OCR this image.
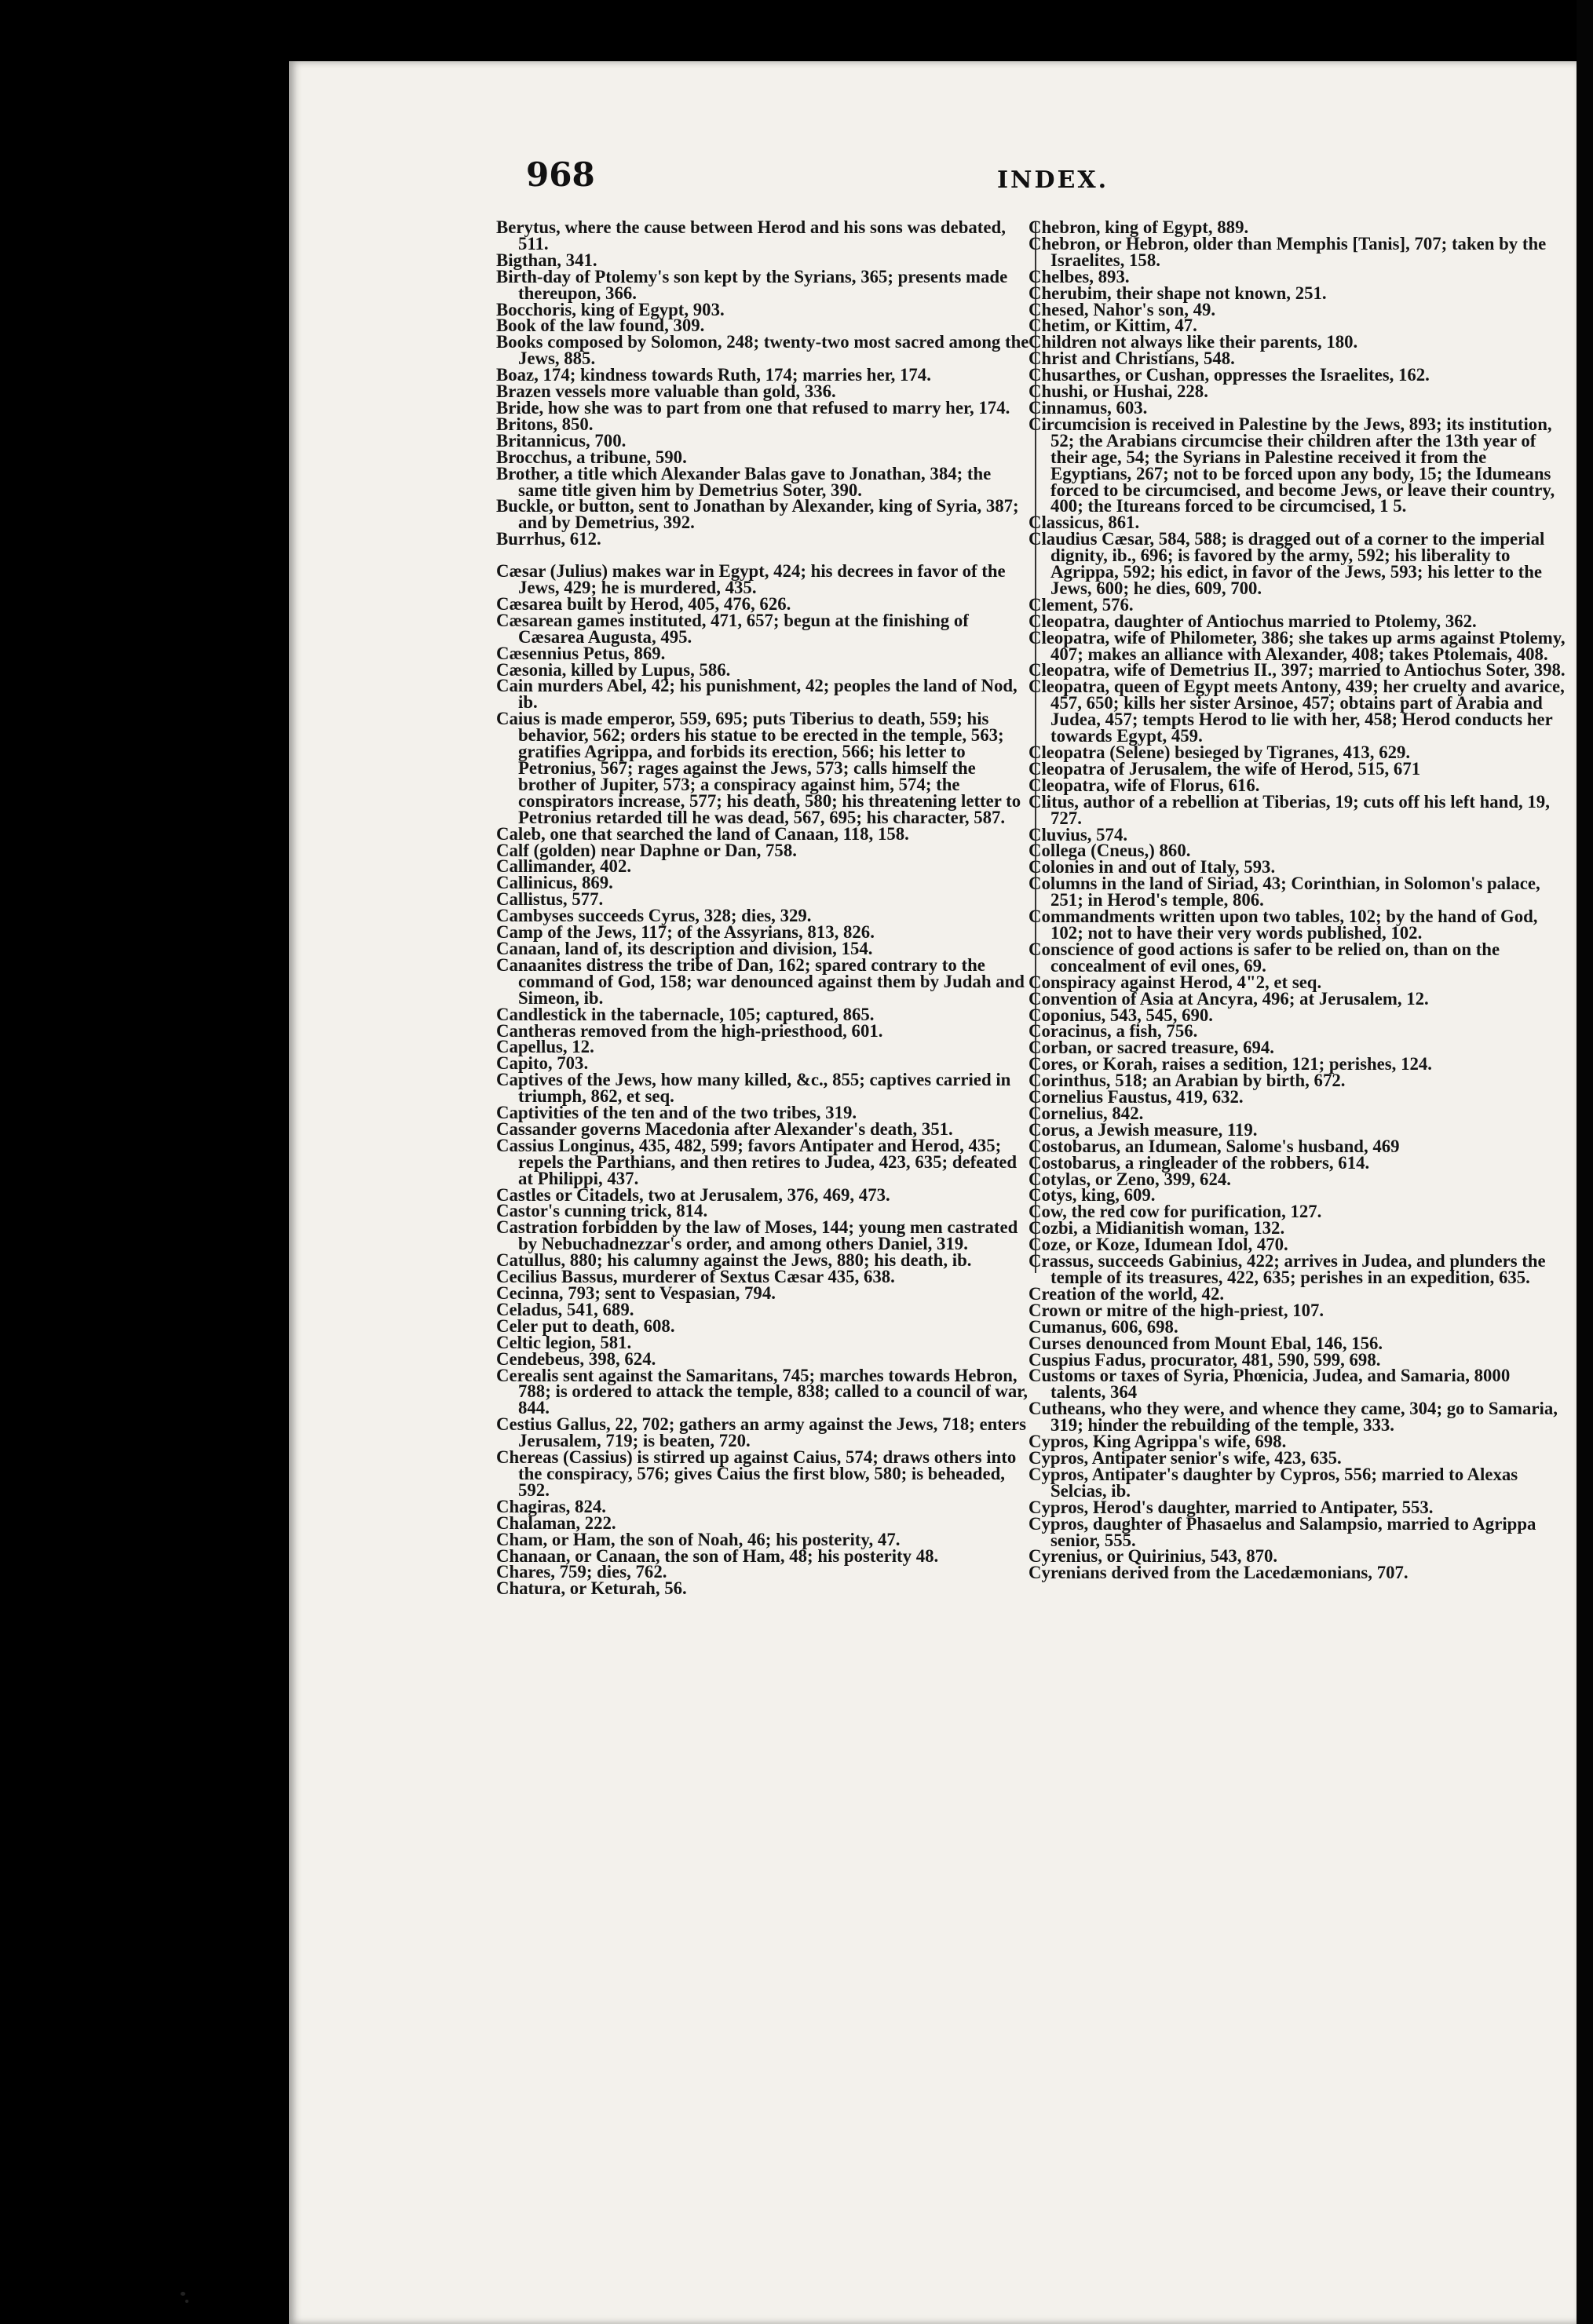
968	INDEX.

Berytus, where the cause between Herod and his sons was debated, 511.

Bigthan, 341.

Birth-day of Ptolemy's son kept by the Syrians, 365; presents made thereupon, 366.

Bocchoris, king of Egypt, 903.

Book of the law found, 309.

Books composed by Solomon, 248; twenty-two most sacred among the Jews, 885.

Boaz, 174; kindness towards Ruth, 174; marries her, 174.

Brazen vessels more valuable than gold, 336.

Bride, how she was to part from one that refused to marry her, 174.

Britons, 850.

Britannicus, 700.

Brocchus, a tribune, 590.

Brother, a title which Alexander Balas gave to Jonathan, 384; the same title given him by Demetrius Soter, 390.

Buckle, or button, sent to Jonathan by Alexander, king of Syria, 387; and by Demetrius, 392.

Burrhus, 612.

Cæsar (Julius) makes war in Egypt, 424; his decrees in favor of the Jews, 429; he is murdered, 435.

Cæsarea built by Herod, 405, 476, 626.

Cæsarean games instituted, 471, 657; begun at the finishing of Cæsarea Augusta, 495.

Cæsennius Petus, 869.

Cæsonia, killed by Lupus, 586.

Cain murders Abel, 42; his punishment, 42; peoples the land of Nod, ib.

Caius is made emperor, 559, 695; puts Tiberius to death, 559; his behavior, 562; orders his statue to be erected in the temple, 563; gratifies Agrippa, and forbids its erection, 566; his letter to Petronius, 567; rages against the Jews, 573; calls himself the brother of Jupiter, 573; a conspiracy against him, 574; the conspirators increase, 577; his death, 580; his threatening letter to Petronius retarded till he was dead, 567, 695; his character, 587.

Caleb, one that searched the land of Canaan, 118, 158.

Calf (golden) near Daphne or Dan, 758.

Callimander, 402.

Callinicus, 869.

Callistus, 577.

Cambyses succeeds Cyrus, 328; dies, 329.

Camp of the Jews, 117; of the Assyrians, 813, 826.

Canaan, land of, its description and division, 154.

Canaanites distress the tribe of Dan, 162; spared contrary to the command of God, 158; war denounced against them by Judah and Simeon, ib.

Candlestick in the tabernacle, 105; captured, 865.

Cantheras removed from the high-priesthood, 601.

Capellus, 12.

Capito, 703.

Captives of the Jews, how many killed, &c., 855; captives carried in triumph, 862, et seq.

Captivities of the ten and of the two tribes, 319.

Cassander governs Macedonia after Alexander's death, 351.

Cassius Longinus, 435, 482, 599; favors Antipater and Herod, 435; repels the Parthians, and then retires to Judea, 423, 635; defeated at Philippi, 437.

Castles or Citadels, two at Jerusalem, 376, 469, 473.

Castor's cunning trick, 814.

Castration forbidden by the law of Moses, 144; young men castrated by Nebuchadnezzar's order, and among others Daniel, 319.

Catullus, 880; his calumny against the Jews, 880; his death, ib.

Cecilius Bassus, murderer of Sextus Cæsar 435, 638.

Cecinna, 793; sent to Vespasian, 794.

Celadus, 541, 689.

Celer put to death, 608.

Celtic legion, 581.

Cendebeus, 398, 624.

Cerealis sent against the Samaritans, 745; marches towards Hebron, 788; is ordered to attack the temple, 838; called to a council of war, 844.

Cestius Gallus, 22, 702; gathers an army against the Jews, 718; enters Jerusalem, 719; is beaten, 720.

Chereas (Cassius) is stirred up against Caius, 574; draws others into the conspiracy, 576; gives Caius the first blow, 580; is beheaded, 592.

Chagiras, 824.

Chalaman, 222.

Cham, or Ham, the son of Noah, 46; his posterity, 47.

Chanaan, or Canaan, the son of Ham, 48; his posterity 48.

Chares, 759; dies, 762.

Chatura, or Keturah, 56.

Chebron, king of Egypt, 889.

Chebron, or Hebron, older than Memphis [Tanis], 707; taken by the Israelites, 158.

Chelbes, 893.

Cherubim, their shape not known, 251.

Chesed, Nahor's son, 49.

Chetim, or Kittim, 47.

Children not always like their parents, 180.

Christ and Christians, 548.

Chusarthes, or Cushan, oppresses the Israelites, 162.

Chushi, or Hushai, 228.

Cinnamus, 603.

Circumcision is received in Palestine by the Jews, 893; its institution, 52; the Arabians circumcise their children after the 13th year of their age, 54; the Syrians in Palestine received it from the Egyptians, 267; not to be forced upon any body, 15; the Idumeans forced to be circumcised, and become Jews, or leave their country, 400; the Itureans forced to be circumcised, 1 5.

Classicus, 861.

Claudius Cæsar, 584, 588; is dragged out of a corner to the imperial dignity, ib., 696; is favored by the army, 592; his liberality to Agrippa, 592; his edict, in favor of the Jews, 593; his letter to the Jews, 600; he dies, 609, 700.

Clement, 576.

Cleopatra, daughter of Antiochus married to Ptolemy, 362.

Cleopatra, wife of Philometer, 386; she takes up arms against Ptolemy, 407; makes an alliance with Alexander, 408; takes Ptolemais, 408.

Cleopatra, wife of Demetrius II., 397; married to Antiochus Soter, 398.

Cleopatra, queen of Egypt meets Antony, 439; her cruelty and avarice, 457, 650; kills her sister Arsinoe, 457; obtains part of Arabia and Judea, 457; tempts Herod to lie with her, 458; Herod conducts her towards Egypt, 459.

Cleopatra (Selene) besieged by Tigranes, 413, 629.

Cleopatra of Jerusalem, the wife of Herod, 515, 671

Cleopatra, wife of Florus, 616.

Clitus, author of a rebellion at Tiberias, 19; cuts off his left hand, 19, 727.

Cluvius, 574.

Collega (Cneus,) 860.

Colonies in and out of Italy, 593.

Columns in the land of Siriad, 43; Corinthian, in Solomon's palace, 251; in Herod's temple, 806.

Commandments written upon two tables, 102; by the hand of God, 102; not to have their very words published, 102.

Conscience of good actions is safer to be relied on, than on the concealment of evil ones, 69.

Conspiracy against Herod, 4"2, et seq.

Convention of Asia at Ancyra, 496; at Jerusalem, 12.

Coponius, 543, 545, 690.

Coracinus, a fish, 756.

Corban, or sacred treasure, 694.

Cores, or Korah, raises a sedition, 121; perishes, 124.

Corinthus, 518; an Arabian by birth, 672.

Cornelius Faustus, 419, 632.

Cornelius, 842.

Corus, a Jewish measure, 119.

Costobarus, an Idumean, Salome's husband, 469

Costobarus, a ringleader of the robbers, 614.

Cotylas, or Zeno, 399, 624.

Cotys, king, 609.

Cow, the red cow for purification, 127.

Cozbi, a Midianitish woman, 132.

Coze, or Koze, Idumean Idol, 470.

Crassus, succeeds Gabinius, 422; arrives in Judea, and plunders the temple of its treasures, 422, 635; perishes in an expedition, 635.

Creation of the world, 42.

Crown or mitre of the high-priest, 107.

Cumanus, 606, 698.

Curses denounced from Mount Ebal, 146, 156.

Cuspius Fadus, procurator, 481, 590, 599, 698.

Customs or taxes of Syria, Phœnicia, Judea, and Samaria, 8000 talents, 364

Cutheans, who they were, and whence they came, 304; go to Samaria, 319; hinder the rebuilding of the temple, 333.

Cypros, King Agrippa's wife, 698.

Cypros, Antipater senior's wife, 423, 635.

Cypros, Antipater's daughter by Cypros, 556; married to Alexas Selcias, ib.

Cypros, Herod's daughter, married to Antipater, 553.

Cypros, daughter of Phasaelus and Salampsio, married to Agrippa senior, 555.

Cyrenius, or Quirinius, 543, 870.

Cyrenians derived from the Lacedæmonians, 707.
